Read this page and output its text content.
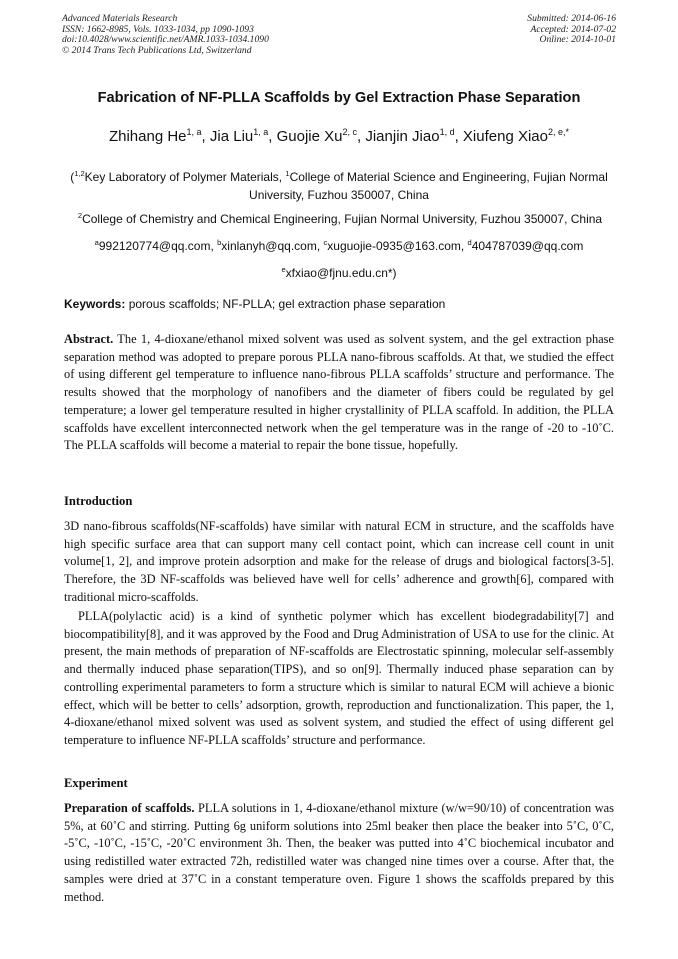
Advanced Materials Research
ISSN: 1662-8985, Vols. 1033-1034, pp 1090-1093
doi:10.4028/www.scientific.net/AMR.1033-1034.1090
© 2014 Trans Tech Publications Ltd, Switzerland
Submitted: 2014-06-16
Accepted: 2014-07-02
Online: 2014-10-01
Fabrication of NF-PLLA Scaffolds by Gel Extraction Phase Separation
Zhihang He$^{1, a}$, Jia Liu$^{1, a}$, Guojie Xu$^{2, c}$, Jianjin Jiao$^{1, d}$, Xiufeng Xiao$^{2, e,*}$
($^{1,2}$Key Laboratory of Polymer Materials, $^1$College of Material Science and Engineering, Fujian Normal University, Fuzhou 350007, China
$^2$College of Chemistry and Chemical Engineering, Fujian Normal University, Fuzhou 350007, China
$^a$992120774@qq.com, $^b$xinlanyh@qq.com, $^c$xuguojie-0935@163.com, $^d$404787039@qq.com
$^e$xfxiao@fjnu.edu.cn*)
Keywords: porous scaffolds; NF-PLLA; gel extraction phase separation
Abstract. The 1, 4-dioxane/ethanol mixed solvent was used as solvent system, and the gel extraction phase separation method was adopted to prepare porous PLLA nano-fibrous scaffolds. At that, we studied the effect of using different gel temperature to influence nano-fibrous PLLA scaffolds’ structure and performance. The results showed that the morphology of nanofibers and the diameter of fibers could be regulated by gel temperature; a lower gel temperature resulted in higher crystallinity of PLLA scaffold. In addition, the PLLA scaffolds have excellent interconnected network when the gel temperature was in the range of -20 to -10˚C. The PLLA scaffolds will become a material to repair the bone tissue, hopefully.
Introduction
3D nano-fibrous scaffolds(NF-scaffolds) have similar with natural ECM in structure, and the scaffolds have high specific surface area that can support many cell contact point, which can increase cell count in unit volume[1, 2], and improve protein adsorption and make for the release of drugs and biological factors[3-5]. Therefore, the 3D NF-scaffolds was believed have well for cells’ adherence and growth[6], compared with traditional micro-scaffolds.
PLLA(polylactic acid) is a kind of synthetic polymer which has excellent biodegradability[7] and biocompatibility[8], and it was approved by the Food and Drug Administration of USA to use for the clinic. At present, the main methods of preparation of NF-scaffolds are Electrostatic spinning, molecular self-assembly and thermally induced phase separation(TIPS), and so on[9]. Thermally induced phase separation can by controlling experimental parameters to form a structure which is similar to natural ECM will achieve a bionic effect, which will be better to cells’ adsorption, growth, reproduction and functionalization. This paper, the 1, 4-dioxane/ethanol mixed solvent was used as solvent system, and studied the effect of using different gel temperature to influence NF-PLLA scaffolds’ structure and performance.
Experiment
Preparation of scaffolds. PLLA solutions in 1, 4-dioxane/ethanol mixture (w/w=90/10) of concentration was 5%, at 60˚C and stirring. Putting 6g uniform solutions into 25ml beaker then place the beaker into 5˚C, 0˚C, -5˚C, -10˚C, -15˚C, -20˚C environment 3h. Then, the beaker was putted into 4˚C biochemical incubator and using redistilled water extracted 72h, redistilled water was changed nine times over a course. After that, the samples were dried at 37˚C in a constant temperature oven. Figure 1 shows the scaffolds prepared by this method.
